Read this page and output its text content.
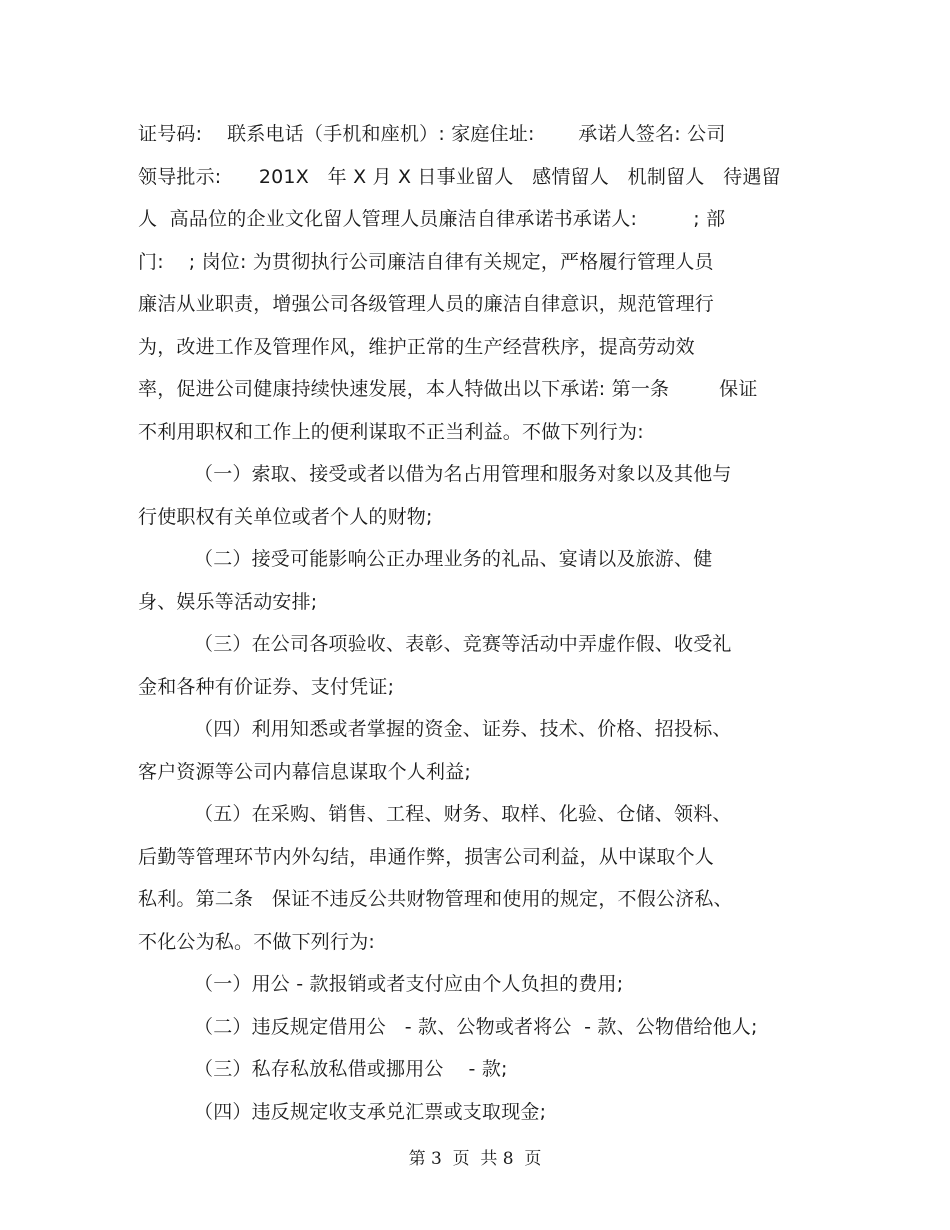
证号码:    联系电话（手机和座机）: 家庭住址:       承诺人签名: 公司
领导批示:      201X   年 X 月 X 日事业留人   感情留人   机制留人   待遇留
人  高品位的企业文化留人管理人员廉洁自律承诺书承诺人:         ; 部
门:    ; 岗位: 为贯彻执行公司廉洁自律有关规定，严格履行管理人员
廉洁从业职责，增强公司各级管理人员的廉洁自律意识，规范管理行
为，改进工作及管理作风，维护正常的生产经营秩序，提高劳动效
率，促进公司健康持续快速发展，本人特做出以下承诺: 第一条        保证
不利用职权和工作上的便利谋取不正当利益。不做下列行为:
（一）索取、接受或者以借为名占用管理和服务对象以及其他与
行使职权有关单位或者个人的财物;
（二）接受可能影响公正办理业务的礼品、宴请以及旅游、健
身、娱乐等活动安排;
（三）在公司各项验收、表彰、竞赛等活动中弄虚作假、收受礼
金和各种有价证券、支付凭证;
（四）利用知悉或者掌握的资金、证券、技术、价格、招投标、
客户资源等公司内幕信息谋取个人利益;
（五）在采购、销售、工程、财务、取样、化验、仓储、领料、
后勤等管理环节内外勾结，串通作弊，损害公司利益，从中谋取个人
私利。第二条   保证不违反公共财物管理和使用的规定，不假公济私、
不化公为私。不做下列行为:
（一）用公 - 款报销或者支付应由个人负担的费用;
（二）违反规定借用公   - 款、公物或者将公  - 款、公物借给他人;
（三）私存私放私借或挪用公    - 款;
（四）违反规定收支承兑汇票或支取现金;
第 3  页  共 8  页
